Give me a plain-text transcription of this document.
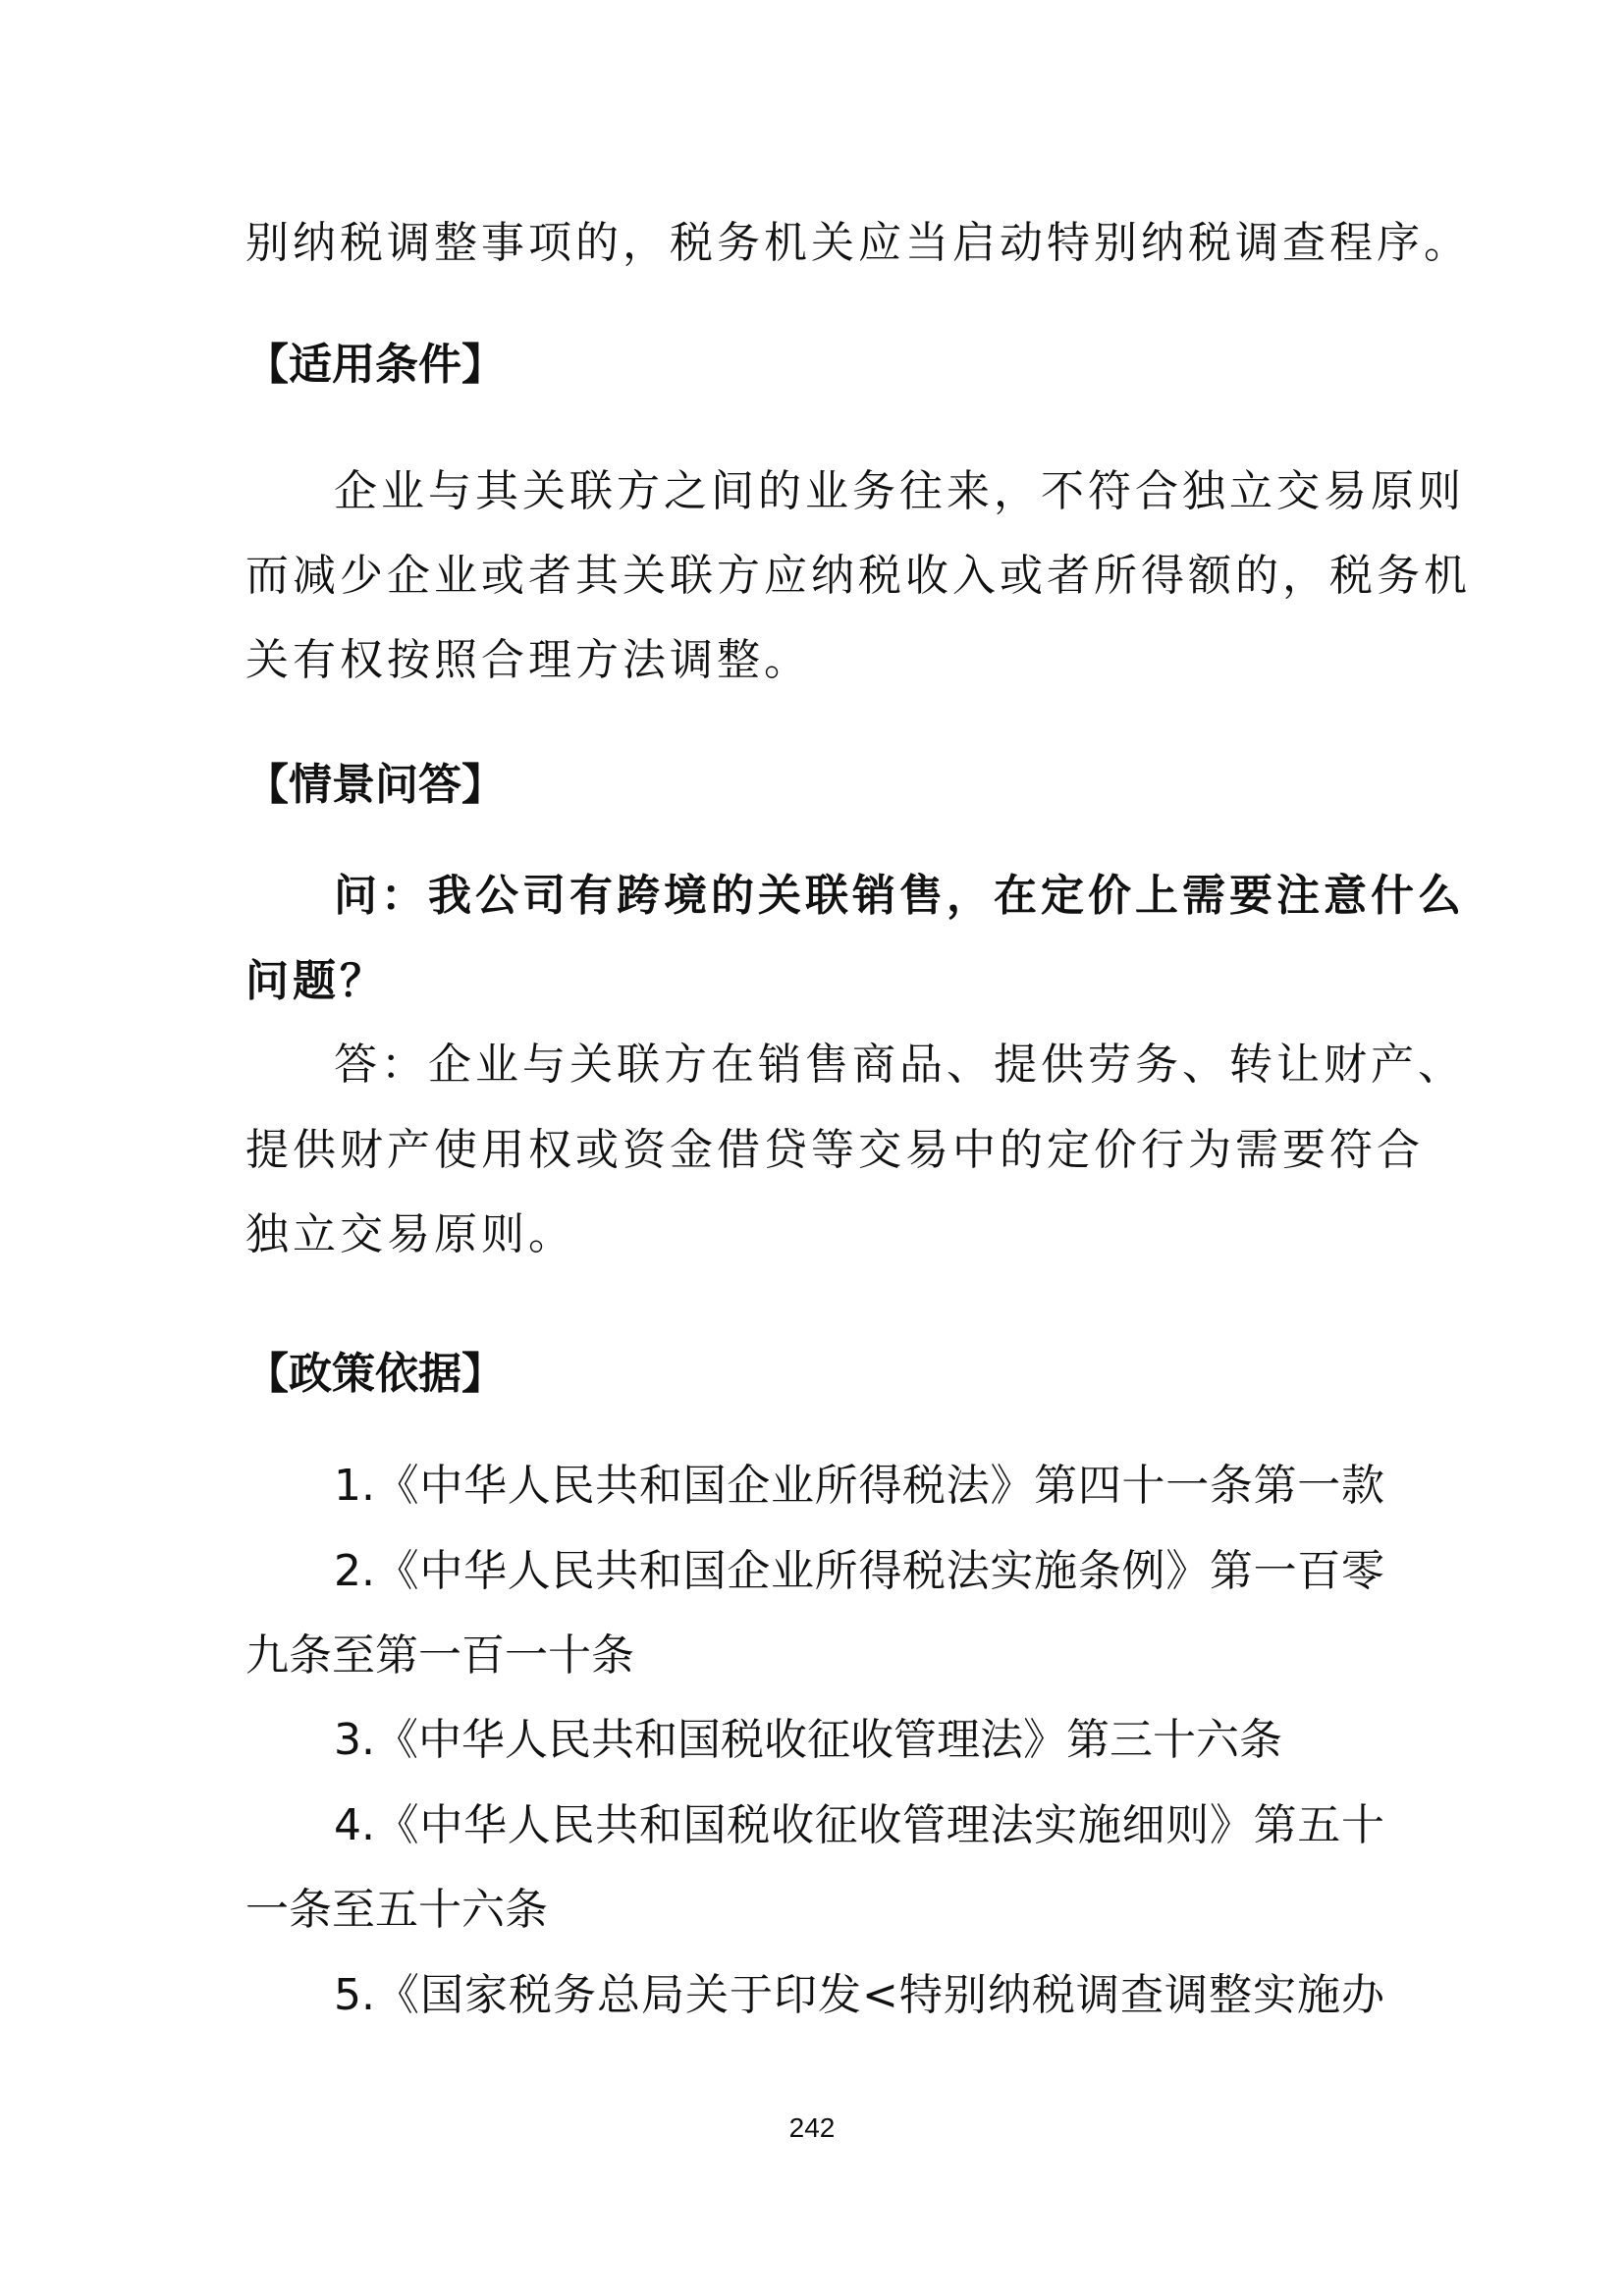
别纳税调整事项的，税务机关应当启动特别纳税调查程序。
【适用条件】
企业与其关联方之间的业务往来，不符合独立交易原则
而减少企业或者其关联方应纳税收入或者所得额的，税务机
关有权按照合理方法调整。
【情景问答】
问：我公司有跨境的关联销售，在定价上需要注意什么
问题？
答：企业与关联方在销售商品、提供劳务、转让财产、
提供财产使用权或资金借贷等交易中的定价行为需要符合
独立交易原则。
【政策依据】
1.《中华人民共和国企业所得税法》第四十一条第一款
2.《中华人民共和国企业所得税法实施条例》第一百零
九条至第一百一十条
3.《中华人民共和国税收征收管理法》第三十六条
4.《中华人民共和国税收征收管理法实施细则》第五十
一条至五十六条
5.《国家税务总局关于印发<特别纳税调查调整实施办
242
